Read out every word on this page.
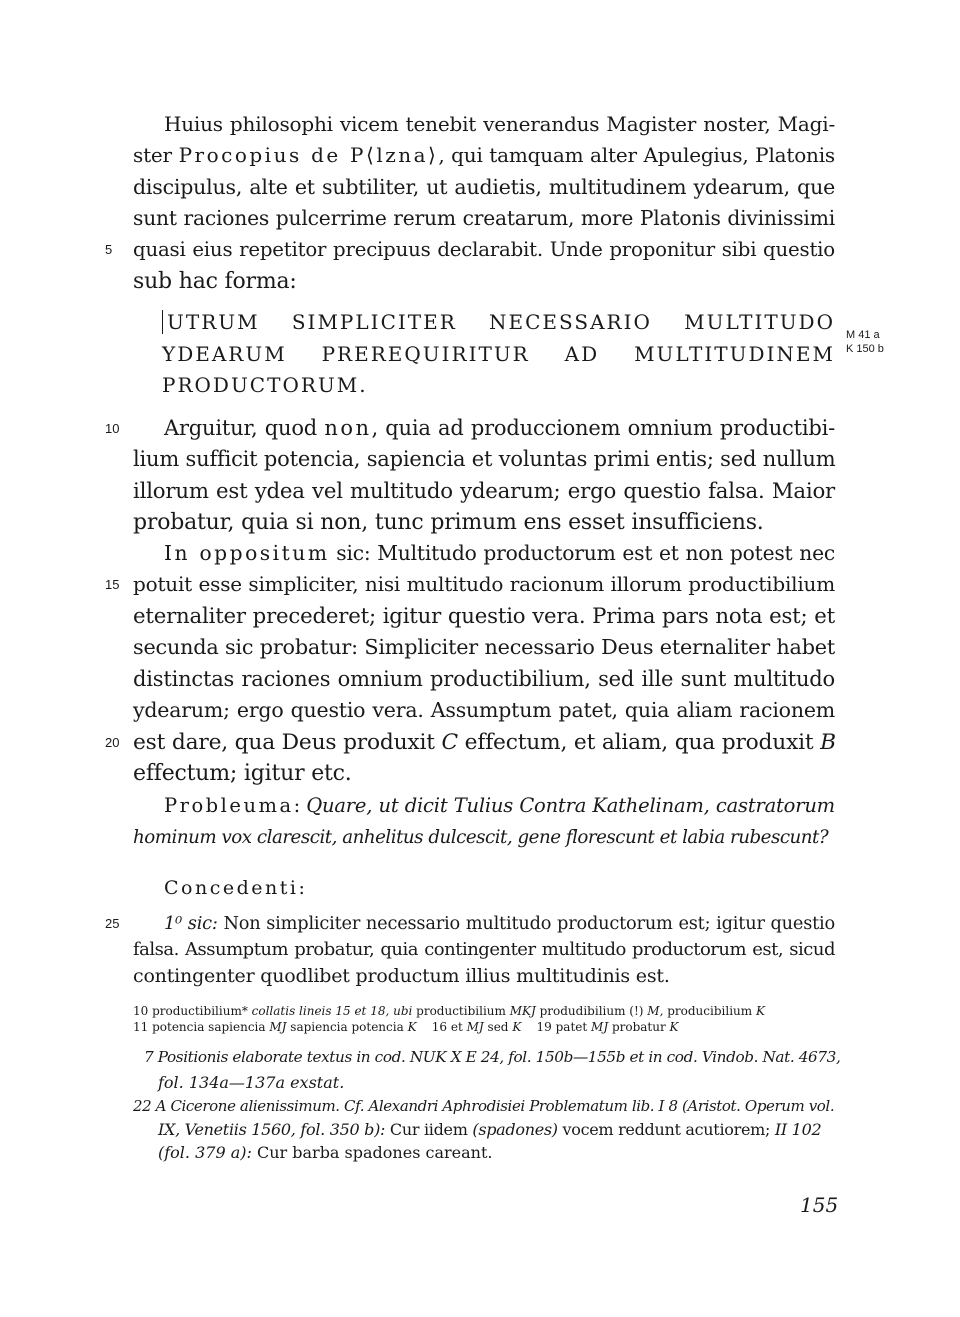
Huius philosophi vicem tenebit venerandus Magister noster, Magi-
ster Procopius de P⟨lzna⟩, qui tamquam alter Apulegius, Platonis
discipulus, alte et subtiliter, ut audietis, multitudinem ydearum, que
sunt raciones pulcerrime rerum creatarum, more Platonis divinissimi
5 quasi eius repetitor precipuus declarabit. Unde proponitur sibi questio
sub hac forma:
UTRUM SIMPLICITER NECESSARIO MULTITUDO
YDEARUM PREREQUIRITUR AD MULTITUDINEM
PRODUCTORUM.
M 41 a
K 150 b
10	Arguitur, quod non, quia ad produccionem omnium productibi-
lium sufficit potencia, sapiencia et voluntas primi entis; sed nullum
illorum est ydea vel multitudo ydearum; ergo questio falsa. Maior
probatur, quia si non, tunc primum ens esset insufficiens.
In oppositum sic: Multitudo productorum est et non potest nec
15 potuit esse simpliciter, nisi multitudo racionum illorum productibilium
eternaliter precederet; igitur questio vera. Prima pars nota est; et
secunda sic probatur: Simpliciter necessario Deus eternaliter habet
distinctas raciones omnium productibilium, sed ille sunt multitudo
ydearum; ergo questio vera. Assumptum patet, quia aliam racionem
20 est dare, qua Deus produxit C effectum, et aliam, qua produxit B
effectum; igitur etc.
Probleuma: Quare, ut dicit Tulius Contra Kathelinam, castratorum
hominum vox clarescit, anhelitus dulcescit, gene florescunt et labia rubescunt?
Concedenti:
25	1⁰ sic: Non simpliciter necessario multitudo productorum est; igitur questio
falsa. Assumptum probatur, quia contingenter multitudo productorum est, sicud
contingenter quodlibet productum illius multitudinis est.
10 productibilium* collatis lineis 15 et 18, ubi productibilium MKJ produdibilium (!) M, producibilium K
11 potencia sapiencia MJ sapiencia potencia K    16 et MJ sed K    19 patet MJ probatur K
7 Positionis elaborate textus in cod. NUK X E 24, fol. 150b—155b et in cod. Vindob. Nat. 4673,
fol. 134a—137a exstat.
22 A Cicerone alienissimum. Cf. Alexandri Aphrodisiei Problematum lib. I 8 (Aristot. Operum vol.
IX, Venetiis 1560, fol. 350 b): Cur iidem (spadones) vocem reddunt acutiorem; II 102
(fol. 379 a): Cur barba spadones careant.
155
